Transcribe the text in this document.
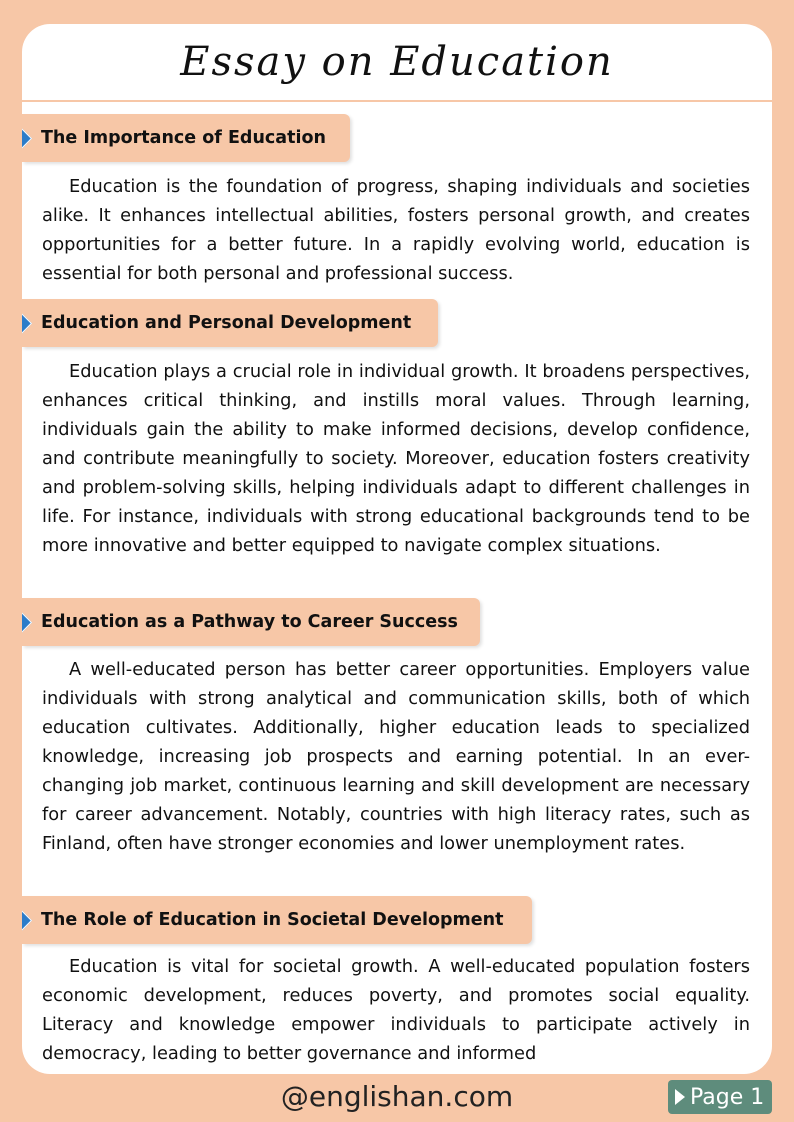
Essay on Education
The Importance of Education

Education is the foundation of progress, shaping individuals and societies alike. It enhances intellectual abilities, fosters personal growth, and creates opportunities for a better future. In a rapidly evolving world, education is essential for both personal and professional success.

Education and Personal Development

Education plays a crucial role in individual growth. It broadens perspectives, enhances critical thinking, and instills moral values. Through learning, individuals gain the ability to make informed decisions, develop confidence, and contribute meaningfully to society. Moreover, education fosters creativity and problem-solving skills, helping individuals adapt to different challenges in life. For instance, individuals with strong educational backgrounds tend to be more innovative and better equipped to navigate complex situations.

Education as a Pathway to Career Success

A well-educated person has better career opportunities. Employers value individuals with strong analytical and communication skills, both of which education cultivates. Additionally, higher education leads to specialized knowledge, increasing job prospects and earning potential. In an ever-changing job market, continuous learning and skill development are necessary for career advancement. Notably, countries with high literacy rates, such as Finland, often have stronger economies and lower unemployment rates.

The Role of Education in Societal Development

Education is vital for societal growth. A well-educated population fosters economic development, reduces poverty, and promotes social equality. Literacy and knowledge empower individuals to participate actively in democracy, leading to better governance and informed

@englishan.com	Page 1
